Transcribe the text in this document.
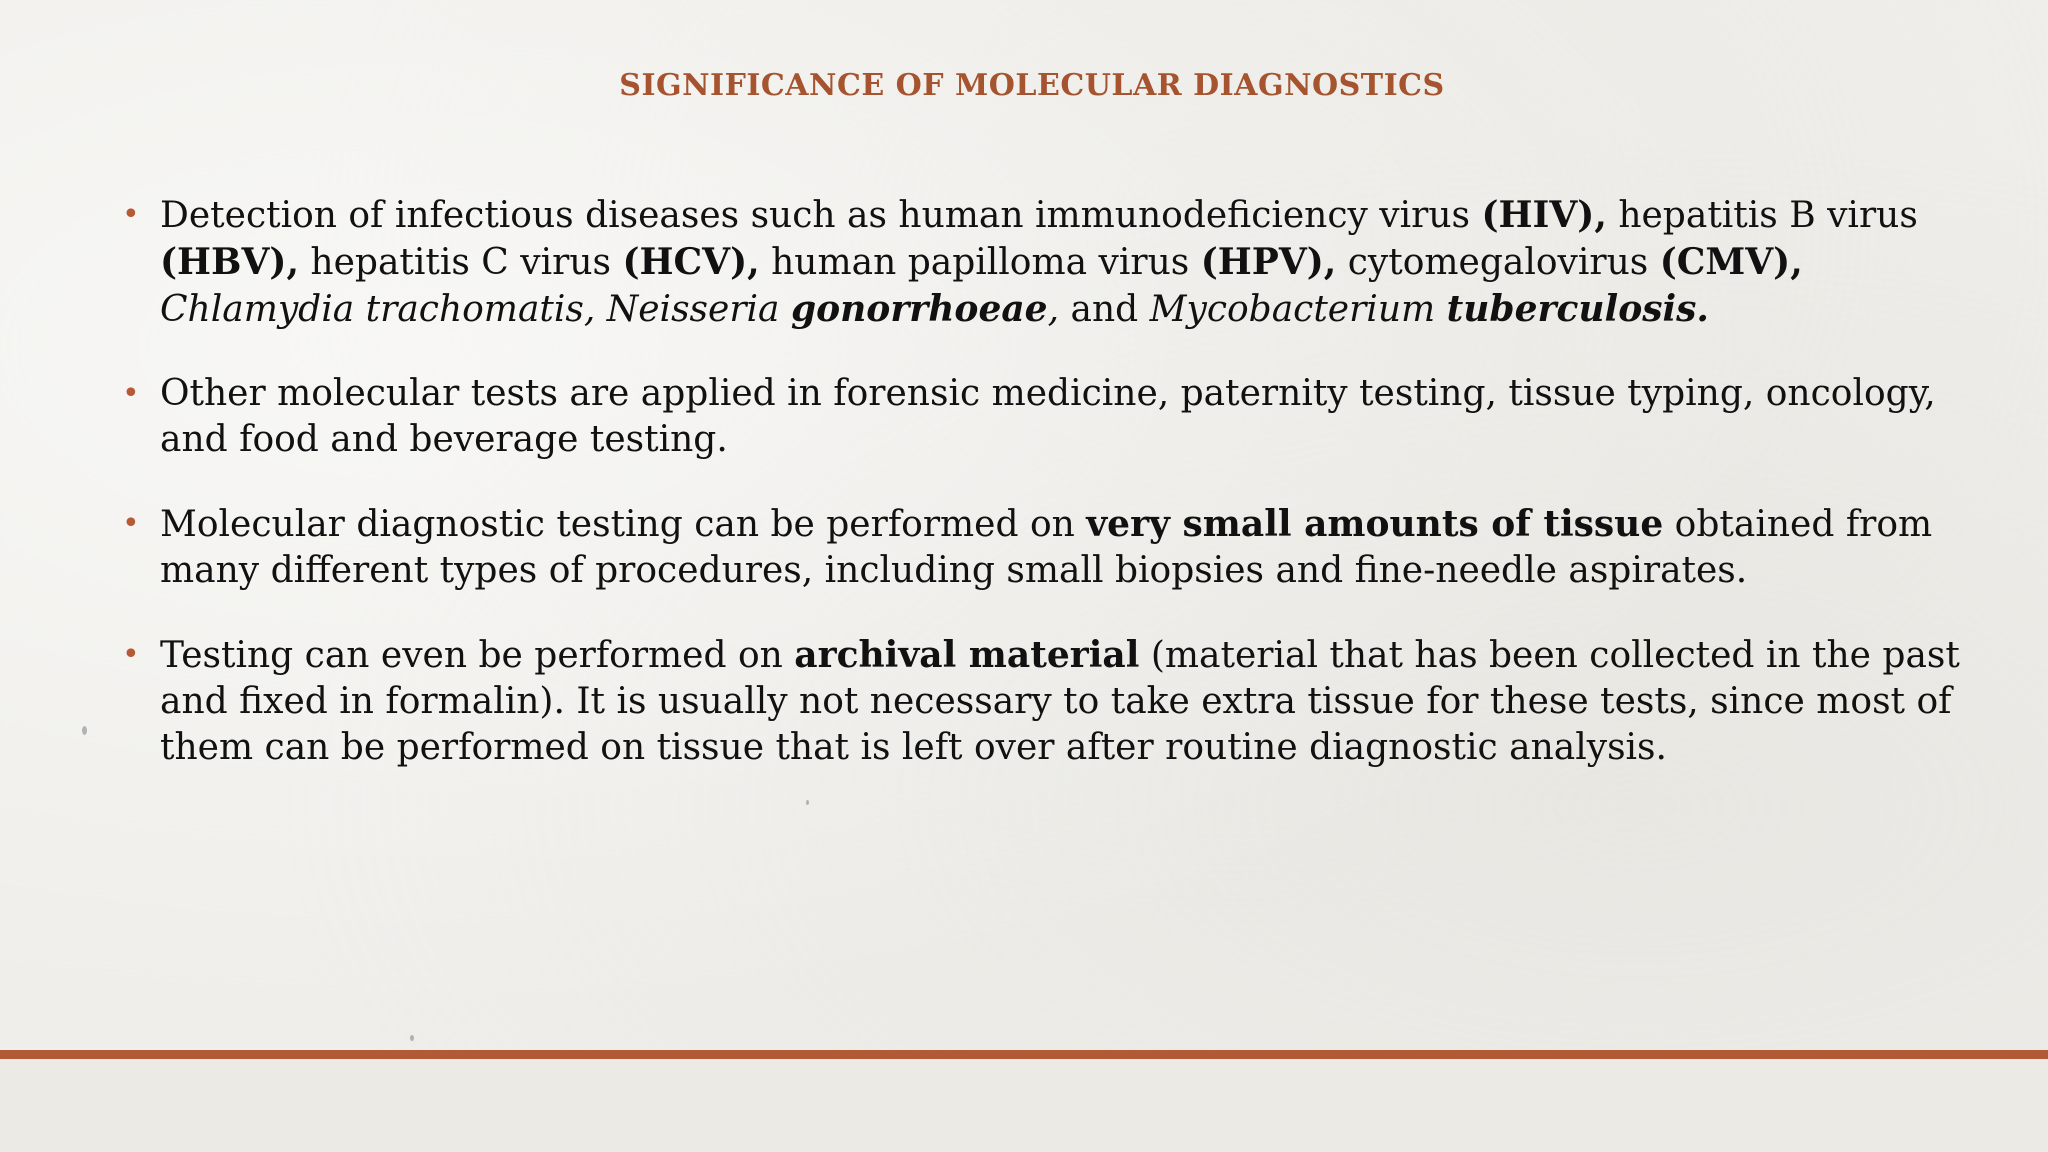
SIGNIFICANCE OF MOLECULAR DIAGNOSTICS
• Detection of infectious diseases such as human immunodeficiency virus (HIV), hepatitis B virus (HBV), hepatitis C virus (HCV), human papilloma virus (HPV), cytomegalovirus (CMV), Chlamydia trachomatis, Neisseria gonorrhoeae, and Mycobacterium tuberculosis.
• Other molecular tests are applied in forensic medicine, paternity testing, tissue typing, oncology, and food and beverage testing.
• Molecular diagnostic testing can be performed on very small amounts of tissue obtained from many different types of procedures, including small biopsies and fine-needle aspirates.
• Testing can even be performed on archival material (material that has been collected in the past and fixed in formalin). It is usually not necessary to take extra tissue for these tests, since most of them can be performed on tissue that is left over after routine diagnostic analysis.
